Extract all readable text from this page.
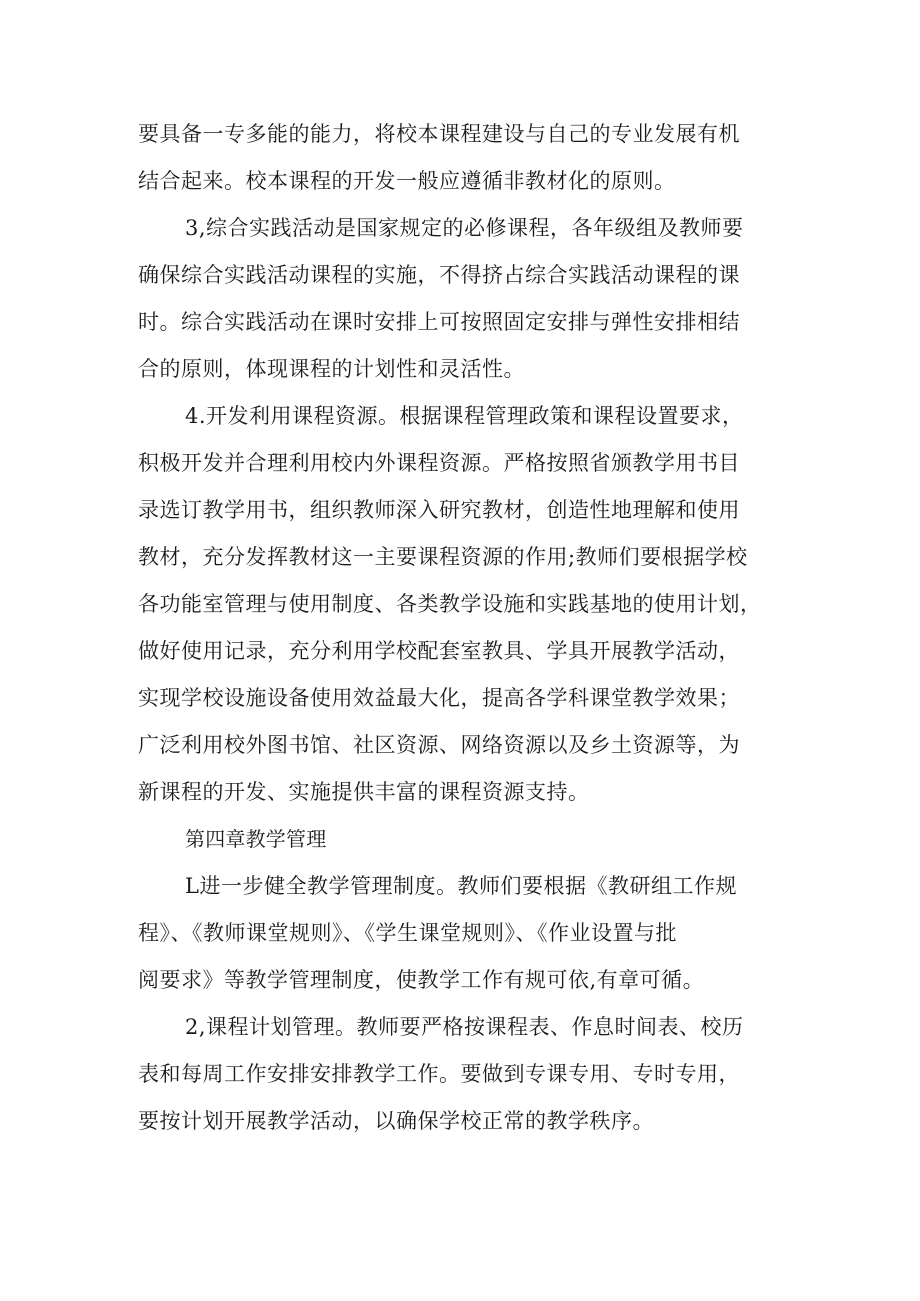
要具备一专多能的能力，将校本课程建设与自己的专业发展有机
结合起来。校本课程的开发一般应遵循非教材化的原则。
3,综合实践活动是国家规定的必修课程，各年级组及教师要
确保综合实践活动课程的实施，不得挤占综合实践活动课程的课
时。综合实践活动在课时安排上可按照固定安排与弹性安排相结
合的原则，体现课程的计划性和灵活性。
4.开发利用课程资源。根据课程管理政策和课程设置要求，
积极开发并合理利用校内外课程资源。严格按照省颁教学用书目
录选订教学用书，组织教师深入研究教材，创造性地理解和使用
教材，充分发挥教材这一主要课程资源的作用;教师们要根据学校
各功能室管理与使用制度、各类教学设施和实践基地的使用计划，
做好使用记录，充分利用学校配套室教具、学具开展教学活动，
实现学校设施设备使用效益最大化，提高各学科课堂教学效果；
广泛利用校外图书馆、社区资源、网络资源以及乡土资源等，为
新课程的开发、实施提供丰富的课程资源支持。
第四章教学管理
L进一步健全教学管理制度。教师们要根据《教研组工作规
程》、《教师课堂规则》、《学生课堂规则》、《作业设置与批
阅要求》等教学管理制度，使教学工作有规可依,有章可循。
2,课程计划管理。教师要严格按课程表、作息时间表、校历
表和每周工作安排安排教学工作。要做到专课专用、专时专用，
要按计划开展教学活动，以确保学校正常的教学秩序。
